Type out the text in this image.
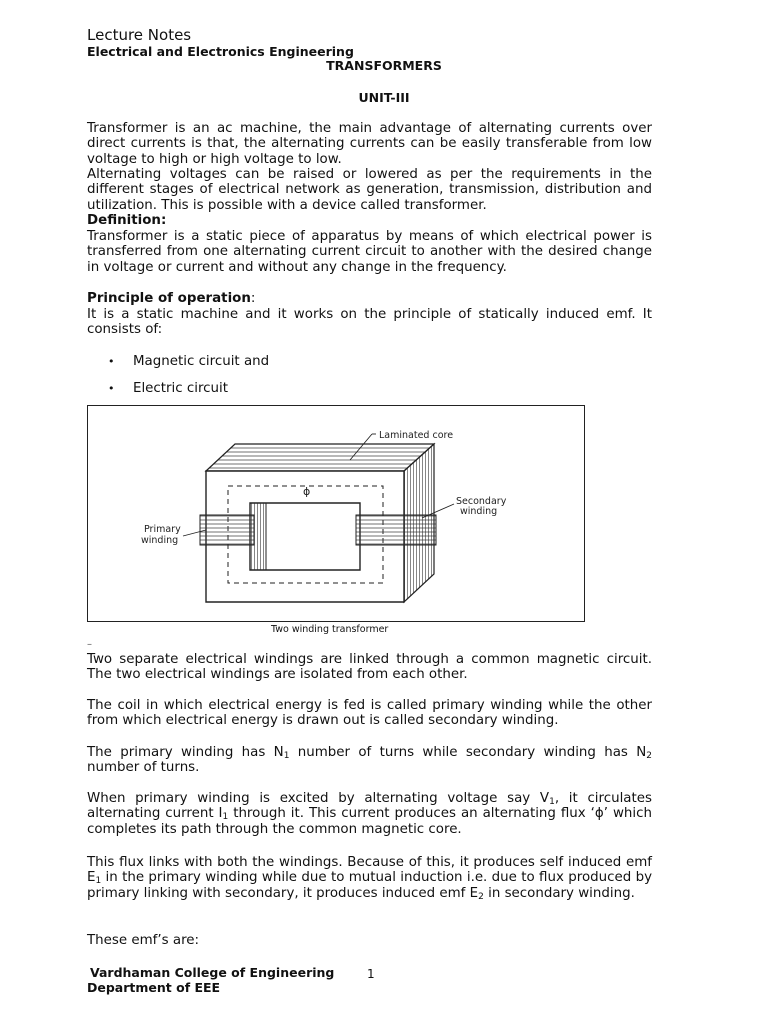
Lecture Notes
Electrical and Electronics Engineering
TRANSFORMERS
UNIT-III

Transformer is an ac machine, the main advantage of alternating currents over direct currents is that, the alternating currents can be easily transferable from low voltage to high or high voltage to low.

Alternating voltages can be raised or lowered as per the requirements in the different stages of electrical network as generation, transmission, distribution and utilization. This is possible with a device called transformer.

Definition:

Transformer is a static piece of apparatus by means of which electrical power is transferred from one alternating current circuit to another with the desired change in voltage or current and without any change in the frequency.

Principle of operation:

It is a static machine and it works on the principle of statically induced emf. It consists of:

• Magnetic circuit and
• Electric circuit
Laminated core
Secondary
winding
Primary
winding
ϕ
Two winding transformer
–

Two separate electrical windings are linked through a common magnetic circuit. The two electrical windings are isolated from each other.

The coil in which electrical energy is fed is called primary winding while the other from which electrical energy is drawn out is called secondary winding.

The primary winding has $N_1$ number of turns while secondary winding has $N_2$ number of turns.

When primary winding is excited by alternating voltage say $V_1$, it circulates alternating current $I_1$ through it. This current produces an alternating flux ‘ϕ’ which completes its path through the common magnetic core.

This flux links with both the windings. Because of this, it produces self induced emf $E_1$ in the primary winding while due to mutual induction i.e. due to flux produced by primary linking with secondary, it produces induced emf $E_2$ in secondary winding.

These emf’s are:

Vardhaman College of Engineering	1
Department of EEE
